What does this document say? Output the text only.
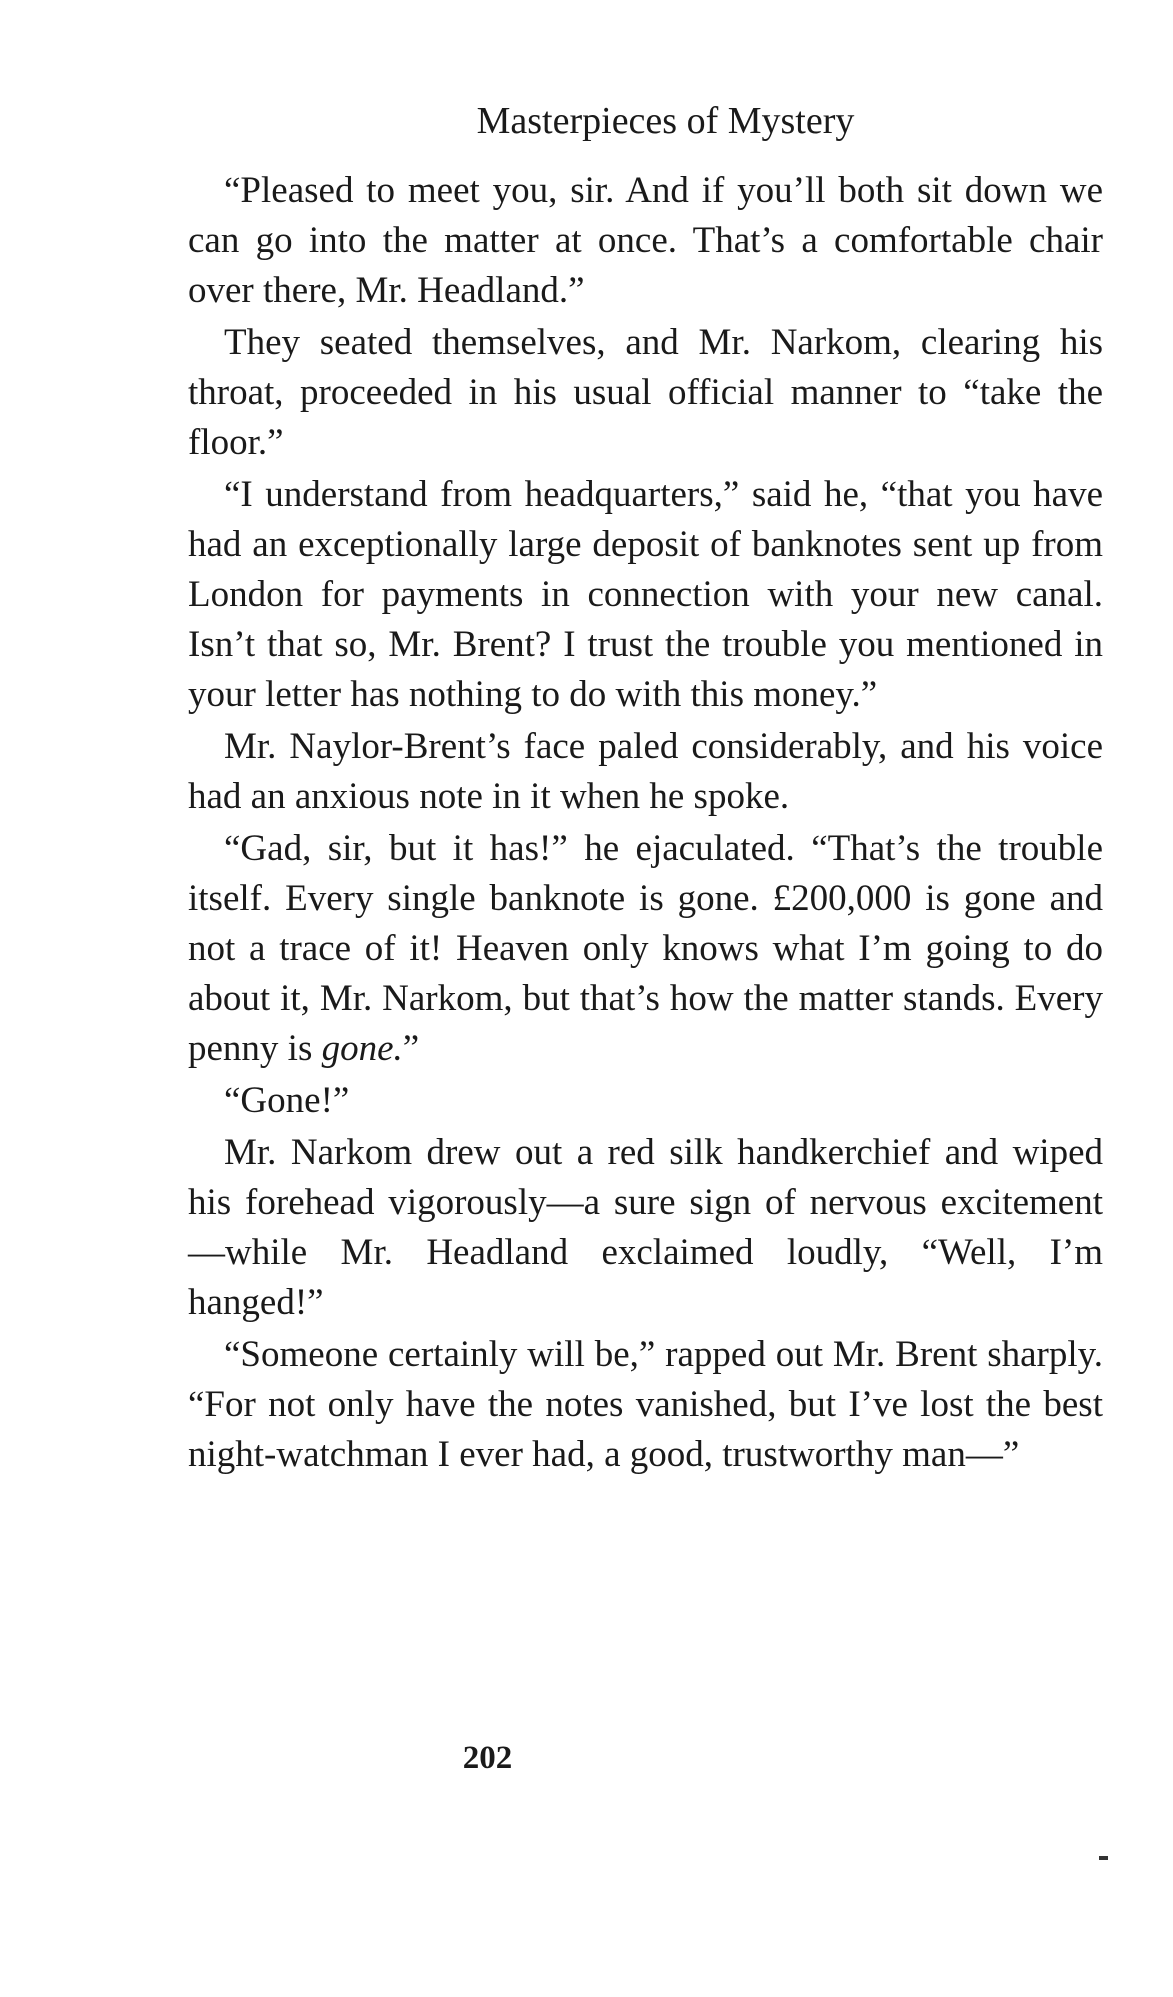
Masterpieces of Mystery

“Pleased to meet you, sir. And if you’ll both sit down we can go into the matter at once. That’s a comfortable chair over there, Mr. Headland.”

They seated themselves, and Mr. Narkom, clearing his throat, proceeded in his usual official manner to “take the floor.”

“I understand from headquarters,” said he, “that you have had an exceptionally large deposit of banknotes sent up from London for payments in connection with your new canal. Isn’t that so, Mr. Brent? I trust the trouble you mentioned in your letter has nothing to do with this money.”

Mr. Naylor-Brent’s face paled considerably, and his voice had an anxious note in it when he spoke.

“Gad, sir, but it has!” he ejaculated. “That’s the trouble itself. Every single banknote is gone. £200,000 is gone and not a trace of it! Heaven only knows what I’m going to do about it, Mr. Narkom, but that’s how the matter stands. Every penny is gone.”

“Gone!”

Mr. Narkom drew out a red silk handkerchief and wiped his forehead vigorously—a sure sign of nervous excitement—while Mr. Headland exclaimed loudly, “Well, I’m hanged!”

“Someone certainly will be,” rapped out Mr. Brent sharply. “For not only have the notes vanished, but I’ve lost the best night-watchman I ever had, a good, trustworthy man—”

202
